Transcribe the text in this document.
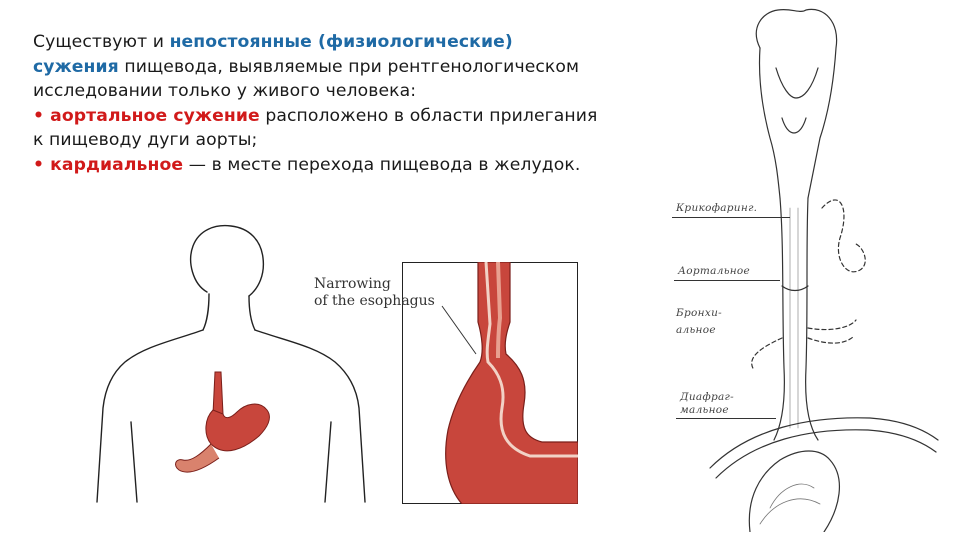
Существуют и непостоянные (физиологические) сужения пищевода, выявляемые при рентгенологическом исследовании только у живого человека:

• аортальное сужение расположено в области прилегания к пищеводу дуги аорты;

• кардиальное — в месте перехода пищевода в желудок.

Narrowing
of the esophagus
Крикофаринг.
Аортальное
Бронхи-
альное
Диафраг-
мальное
